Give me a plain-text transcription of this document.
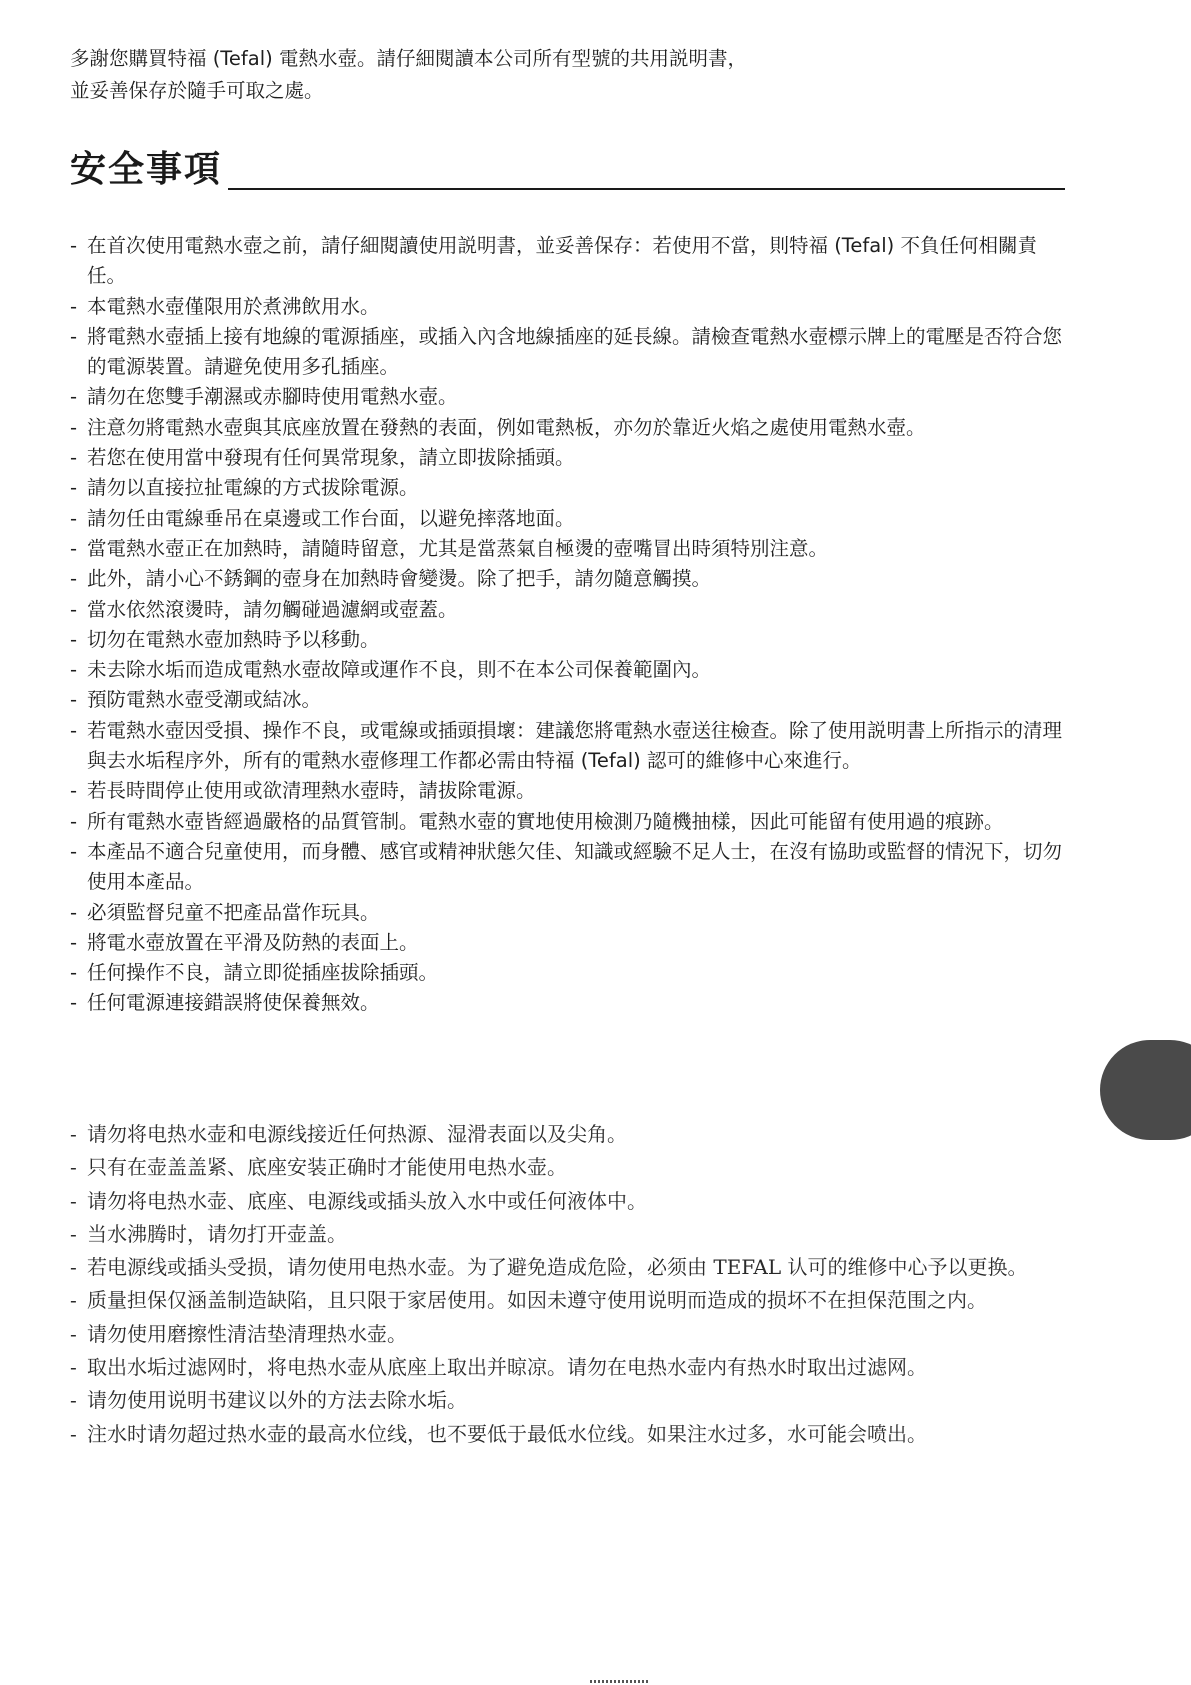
多謝您購買特福 (Tefal) 電熱水壺。請仔細閱讀本公司所有型號的共用説明書，

並妥善保存於隨手可取之處。

安全事項
- 在首次使用電熱水壺之前，請仔細閱讀使用説明書，並妥善保存：若使用不當，則特福 (Tefal) 不負任何相關責任。
- 本電熱水壺僅限用於煮沸飲用水。
- 將電熱水壺插上接有地線的電源插座，或插入內含地線插座的延長線。請檢查電熱水壺標示牌上的電壓是否符合您的電源裝置。請避免使用多孔插座。
- 請勿在您雙手潮濕或赤腳時使用電熱水壺。
- 注意勿將電熱水壺與其底座放置在發熱的表面，例如電熱板，亦勿於靠近火焰之處使用電熱水壺。
- 若您在使用當中發現有任何異常現象，請立即拔除插頭。
- 請勿以直接拉扯電線的方式拔除電源。
- 請勿任由電線垂吊在桌邊或工作台面，以避免摔落地面。
- 當電熱水壺正在加熱時，請隨時留意，尤其是當蒸氣自極燙的壺嘴冒出時須特別注意。
- 此外，請小心不銹鋼的壺身在加熱時會變燙。除了把手，請勿隨意觸摸。
- 當水依然滾燙時，請勿觸碰過濾網或壺蓋。
- 切勿在電熱水壺加熱時予以移動。
- 未去除水垢而造成電熱水壺故障或運作不良，則不在本公司保養範圍內。
- 預防電熱水壺受潮或結冰。
- 若電熱水壺因受損、操作不良，或電線或插頭損壞：建議您將電熱水壺送往檢查。除了使用説明書上所指示的清理與去水垢程序外，所有的電熱水壺修理工作都必需由特福 (Tefal) 認可的維修中心來進行。
- 若長時間停止使用或欲清理熱水壺時，請拔除電源。
- 所有電熱水壺皆經過嚴格的品質管制。電熱水壺的實地使用檢測乃隨機抽樣，因此可能留有使用過的痕跡。
- 本產品不適合兒童使用，而身體、感官或精神狀態欠佳、知識或經驗不足人士，在沒有協助或監督的情況下，切勿使用本產品。
- 必須監督兒童不把產品當作玩具。
- 將電水壺放置在平滑及防熱的表面上。
- 任何操作不良，請立即從插座拔除插頭。
- 任何電源連接錯誤將使保養無效。
- 请勿将电热水壶和电源线接近任何热源、湿滑表面以及尖角。
- 只有在壶盖盖紧、底座安装正确时才能使用电热水壶。
- 请勿将电热水壶、底座、电源线或插头放入水中或任何液体中。
- 当水沸腾时，请勿打开壶盖。
- 若电源线或插头受损，请勿使用电热水壶。为了避免造成危险，必须由 TEFAL 认可的维修中心予以更换。
- 质量担保仅涵盖制造缺陷，且只限于家居使用。如因未遵守使用说明而造成的损坏不在担保范围之内。
- 请勿使用磨擦性清洁垫清理热水壶。
- 取出水垢过滤网时，将电热水壶从底座上取出并晾凉。请勿在电热水壶内有热水时取出过滤网。
- 请勿使用说明书建议以外的方法去除水垢。
- 注水时请勿超过热水壶的最高水位线，也不要低于最低水位线。如果注水过多，水可能会喷出。
